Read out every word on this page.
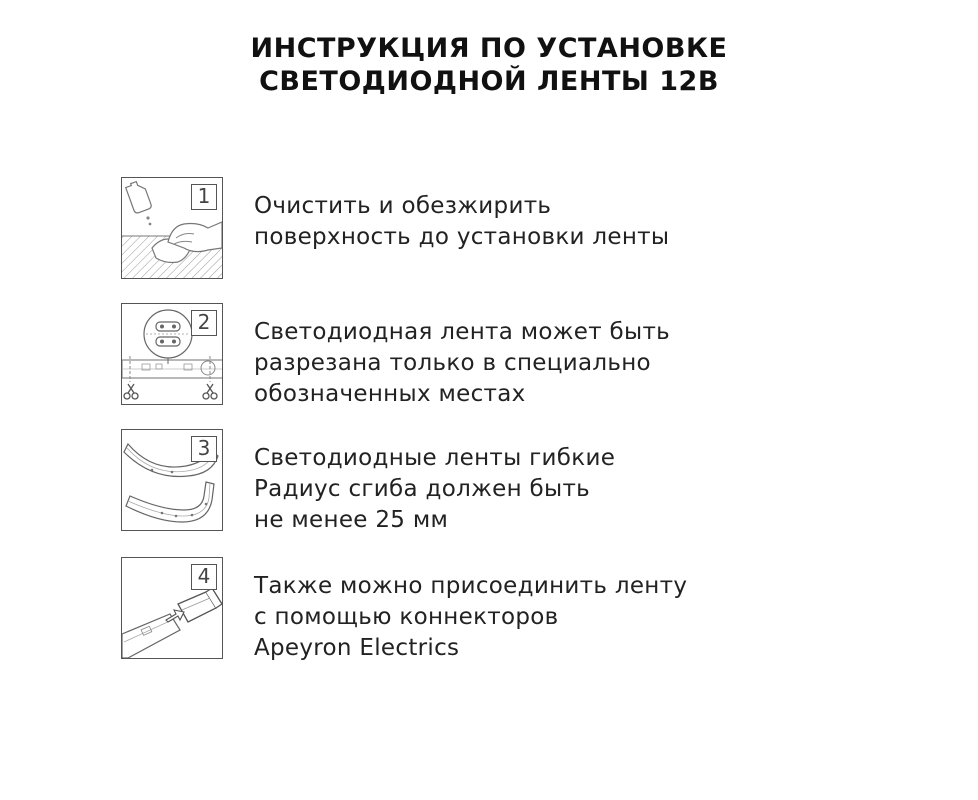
ИНСТРУКЦИЯ ПО УСТАНОВКЕ
СВЕТОДИОДНОЙ ЛЕНТЫ 12В
1 Очистить и обезжирить
поверхность до установки ленты
2 Светодиодная лента может быть
разрезана только в специально
обозначенных местах
3 Светодиодные ленты гибкие
Радиус сгиба должен быть
не менее 25 мм
4 Также можно присоединить ленту
с помощью коннекторов
Apeyron Electrics
